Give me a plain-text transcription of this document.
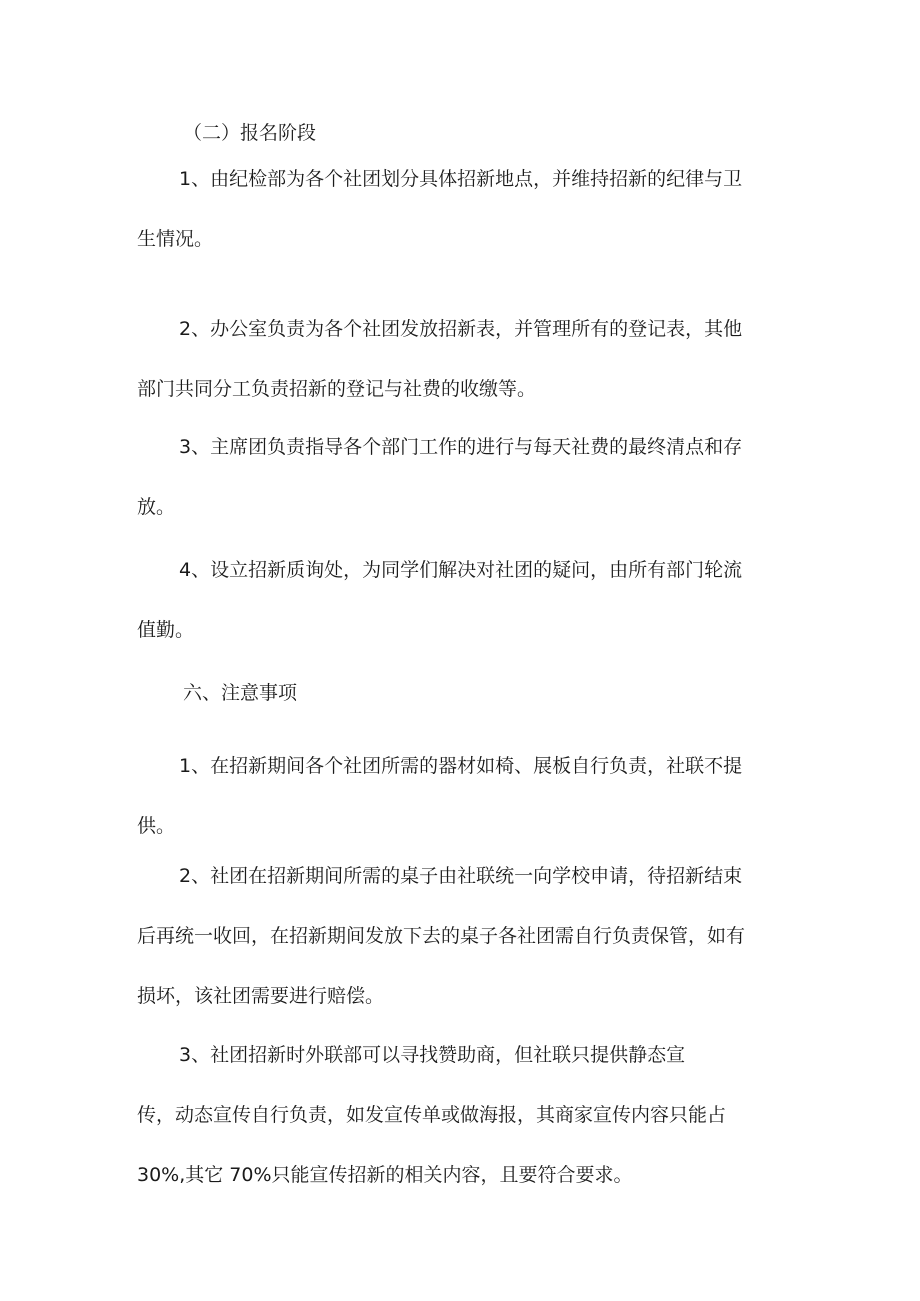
（二）报名阶段
1、由纪检部为各个社团划分具体招新地点，并维持招新的纪律与卫
生情况。
2、办公室负责为各个社团发放招新表，并管理所有的登记表，其他
部门共同分工负责招新的登记与社费的收缴等。
3、主席团负责指导各个部门工作的进行与每天社费的最终清点和存
放。
4、设立招新质询处，为同学们解决对社团的疑问，由所有部门轮流
值勤。
六、注意事项
1、在招新期间各个社团所需的器材如椅、展板自行负责，社联不提
供。
2、社团在招新期间所需的桌子由社联统一向学校申请，待招新结束
后再统一收回，在招新期间发放下去的桌子各社团需自行负责保管，如有
损坏，该社团需要进行赔偿。
3、社团招新时外联部可以寻找赞助商，但社联只提供静态宣
传，动态宣传自行负责，如发宣传单或做海报，其商家宣传内容只能占
30%,其它 70%只能宣传招新的相关内容，且要符合要求。
